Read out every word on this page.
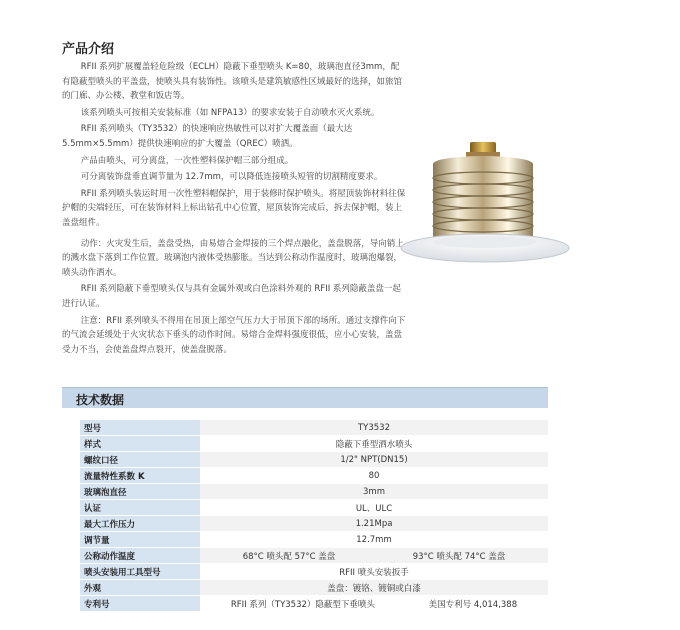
产品介绍

RFII 系列扩展覆盖轻危险级（ECLH）隐蔽下垂型喷头 K=80，玻璃泡直径3mm，配有隐蔽型喷头的平盖盘，使喷头具有装饰性。该喷头是建筑敏感性区域最好的选择，如旅馆的门廊、办公楼、教堂和饭店等。

该系列喷头可按相关安装标准（如 NFPA13）的要求安装于自动喷水灭火系统。

RFII 系列喷头（TY3532）的快速响应热敏性可以对扩大覆盖面（最大达5.5mm×5.5mm）提供快速响应的扩大覆盖（QREC）喷洒。

产品由喷头，可分离盘，一次性塑料保护帽三部分组成。

可分离装饰盘垂直调节量为 12.7mm，可以降低连接喷头短管的切割精度要求。

RFII 系列喷头装运时用一次性塑料帽保护，用于装修时保护喷头。将屋顶装饰材料往保护帽的尖端轻压，可在装饰材料上标出钻孔中心位置，屋顶装饰完成后，拆去保护帽，装上盖盘组件。

动作：火灾发生后，盖盘受热，由易熔合金焊接的三个焊点融化，盖盘脱落，导向销上的溅水盘下落到工作位置。玻璃泡内液体受热膨胀。当达到公称动作温度时，玻璃泡爆裂，喷头动作洒水。

RFII 系列隐蔽下垂型喷头仅与具有金属外观或白色涂料外观的 RFII 系列隐蔽盖盘一起进行认证。

注意：RFII 系列喷头不得用在吊顶上部空气压力大于吊顶下部的场所。通过支撑件向下的气流会延缓处于火灾状态下垂头的动作时间。易熔合金焊料强度很低，应小心安装，盖盘受力不当，会使盖盘焊点裂开，使盖盘脱落。

技术数据
型号	TY3532
样式	隐蔽下垂型洒水喷头
螺纹口径	1/2" NPT(DN15)
流量特性系数 K	80
玻璃泡直径	3mm
认证	UL、ULC
最大工作压力	1.21Mpa
调节量	12.7mm
公称动作温度	68°C 喷头配 57°C 盖盘 93°C 喷头配 74°C 盖盘

喷头安装用工具型号	RFII 喷头安装扳手
外观	盖盘：镀铬、镀铜或白漆
专利号	RFII 系列（TY3532）隐蔽型下垂喷头 美国专利号 4,014,388
